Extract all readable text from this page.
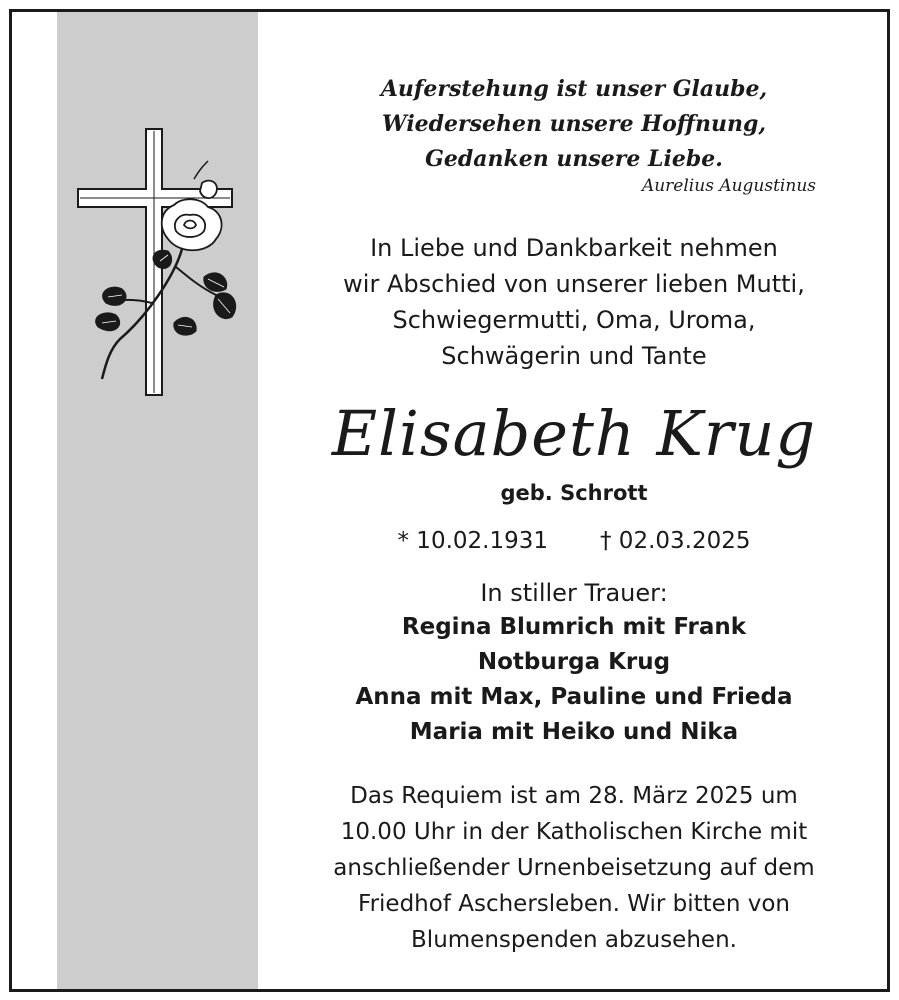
Auferstehung ist unser Glaube,
Wiedersehen unsere Hoffnung,
Gedanken unsere Liebe.
Aurelius Augustinus
In Liebe und Dankbarkeit nehmen
wir Abschied von unserer lieben Mutti,
Schwiegermutti, Oma, Uroma,
Schwägerin und Tante
Elisabeth Krug
geb. Schrott
* 10.02.1931 † 02.03.2025
In stiller Trauer:
Regina Blumrich mit Frank
Notburga Krug
Anna mit Max, Pauline und Frieda
Maria mit Heiko und Nika
Das Requiem ist am 28. März 2025 um
10.00 Uhr in der Katholischen Kirche mit
anschließender Urnenbeisetzung auf dem
Friedhof Aschersleben. Wir bitten von
Blumenspenden abzusehen.
